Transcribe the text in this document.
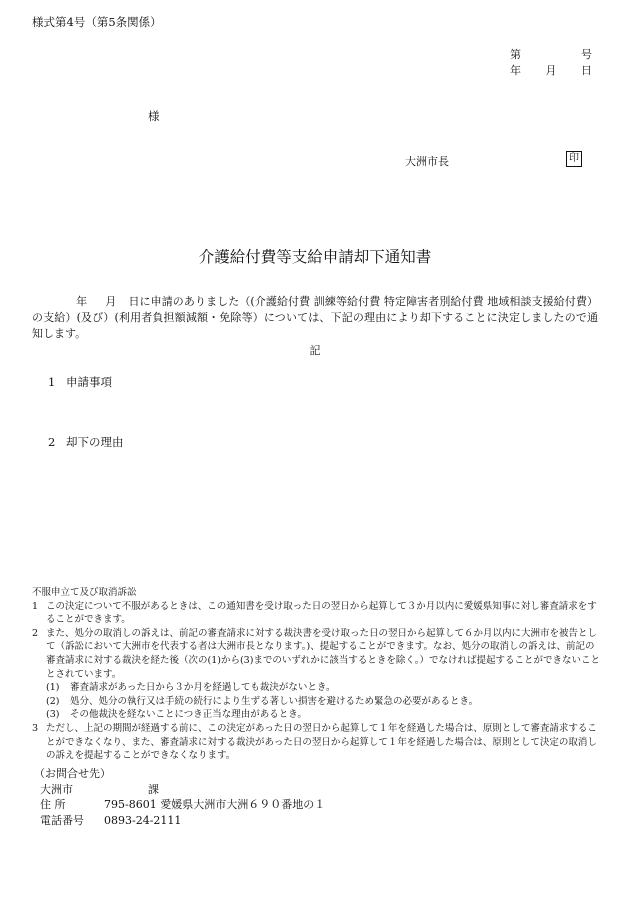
様式第4号（第5条関係）
第	号
年 月 日
様
大洲市長	印
介護給付費等支給申請却下通知書
年 月 日に申請のありました（(介護給付費 訓練等給付費 特定障害者別給付費 地域相談支援給付費）の支給）(及び）(利用者負担額減額・免除等）については、下記の理由により却下することに決定しましたので通知します。
記
1 申請事項
2 却下の理由
不服申立て及び取消訴訟
1 この決定について不服があるときは、この通知書を受け取った日の翌日から起算して３か月以内に愛媛県知事に対し審査請求をすることができます。
2 また、処分の取消しの訴えは、前記の審査請求に対する裁決書を受け取った日の翌日から起算して６か月以内に大洲市を被告として（訴訟において大洲市を代表する者は大洲市長となります。)、提起することができます。なお、処分の取消しの訴えは、前記の審査請求に対する裁決を経た後（次の(1)から(3)までのいずれかに該当するときを除く。）でなければ提起することができないこととされています。
(1)	審査請求があった日から３か月を経過しても裁決がないとき。
(2)	処分、処分の執行又は手続の続行により生ずる著しい損害を避けるため緊急の必要があるとき。
(3)	その他裁決を経ないことにつき正当な理由があるとき。
3 ただし、上記の期間が経過する前に、この決定があった日の翌日から起算して１年を経過した場合は、原則として審査請求することができなくなり、また、審査請求に対する裁決があった日の翌日から起算して１年を経過した場合は、原則として決定の取消しの訴えを提起することができなくなります。
（お問合せ先）
大洲市	課
住 所	795-8601 愛媛県大洲市大洲６９０番地の１
電話番号	0893-24-2111
